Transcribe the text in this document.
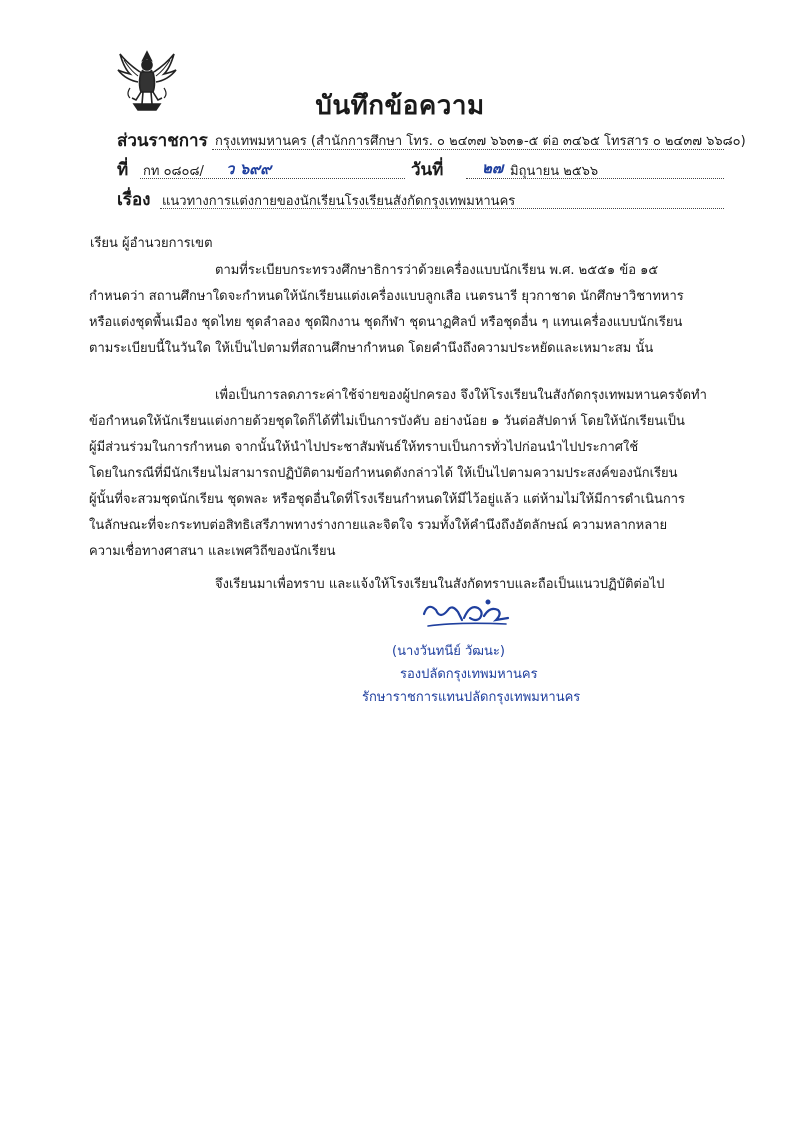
บันทึกข้อความ
ส่วนราชการ กรุงเทพมหานคร (สำนักการศึกษา โทร. ๐ ๒๔๓๗ ๖๖๓๑-๕ ต่อ ๓๔๖๕ โทรสาร ๐ ๒๔๓๗ ๖๖๘๐)
ที่ กท ๐๘๐๘/ ว ๖๙๙	วันที่	๒๗ มิถุนายน ๒๕๖๖
เรื่อง แนวทางการแต่งกายของนักเรียนโรงเรียนสังกัดกรุงเทพมหานคร
เรียน ผู้อำนวยการเขต
ตามที่ระเบียบกระทรวงศึกษาธิการว่าด้วยเครื่องแบบนักเรียน พ.ศ. ๒๕๕๑ ข้อ ๑๕
กำหนดว่า สถานศึกษาใดจะกำหนดให้นักเรียนแต่งเครื่องแบบลูกเสือ เนตรนารี ยุวกาชาด นักศึกษาวิชาทหาร
หรือแต่งชุดพื้นเมือง ชุดไทย ชุดลำลอง ชุดฝึกงาน ชุดกีฬา ชุดนาฏศิลป์ หรือชุดอื่น ๆ แทนเครื่องแบบนักเรียน
ตามระเบียบนี้ในวันใด ให้เป็นไปตามที่สถานศึกษากำหนด โดยคำนึงถึงความประหยัดและเหมาะสม นั้น
เพื่อเป็นการลดภาระค่าใช้จ่ายของผู้ปกครอง จึงให้โรงเรียนในสังกัดกรุงเทพมหานครจัดทำ
ข้อกำหนดให้นักเรียนแต่งกายด้วยชุดใดก็ได้ที่ไม่เป็นการบังคับ อย่างน้อย ๑ วันต่อสัปดาห์ โดยให้นักเรียนเป็น
ผู้มีส่วนร่วมในการกำหนด จากนั้นให้นำไปประชาสัมพันธ์ให้ทราบเป็นการทั่วไปก่อนนำไปประกาศใช้
โดยในกรณีที่มีนักเรียนไม่สามารถปฏิบัติตามข้อกำหนดดังกล่าวได้ ให้เป็นไปตามความประสงค์ของนักเรียน
ผู้นั้นที่จะสวมชุดนักเรียน ชุดพละ หรือชุดอื่นใดที่โรงเรียนกำหนดให้มีไว้อยู่แล้ว แต่ห้ามไม่ให้มีการดำเนินการ
ในลักษณะที่จะกระทบต่อสิทธิเสรีภาพทางร่างกายและจิตใจ รวมทั้งให้คำนึงถึงอัตลักษณ์ ความหลากหลาย
ความเชื่อทางศาสนา และเพศวิถีของนักเรียน
จึงเรียนมาเพื่อทราบ และแจ้งให้โรงเรียนในสังกัดทราบและถือเป็นแนวปฏิบัติต่อไป
(นางวันทนีย์ วัฒนะ)
รองปลัดกรุงเทพมหานคร
รักษาราชการแทนปลัดกรุงเทพมหานคร
